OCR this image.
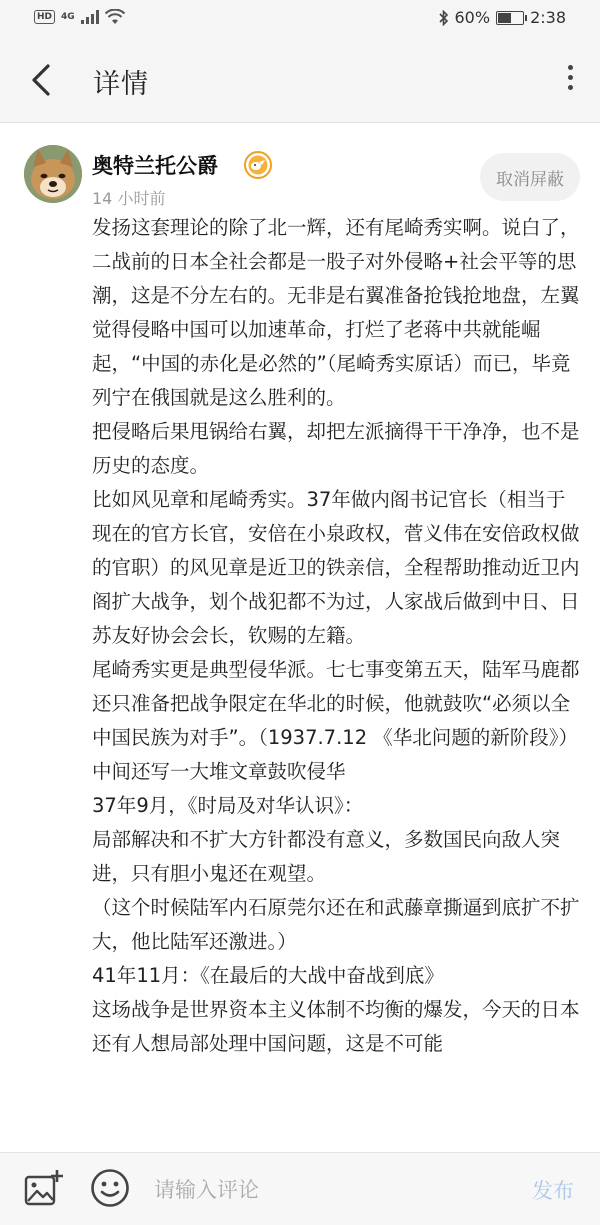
HD	4G	60%	2:38
详情
奥特兰托公爵
14 小时前
取消屏蔽

发扬这套理论的除了北一辉，还有尾崎秀实啊。说白了，二战前的日本全社会都是一股子对外侵略+社会平等的思潮，这是不分左右的。无非是右翼准备抢钱抢地盘，左翼觉得侵略中国可以加速革命，打烂了老蒋中共就能崛起，“中国的赤化是必然的”（尾崎秀实原话）而已，毕竟列宁在俄国就是这么胜利的。

把侵略后果甩锅给右翼，却把左派摘得干干净净，也不是历史的态度。

比如风见章和尾崎秀实。37年做内阁书记官长（相当于现在的官方长官，安倍在小泉政权，菅义伟在安倍政权做的官职）的风见章是近卫的铁亲信，全程帮助推动近卫内阁扩大战争，划个战犯都不为过，人家战后做到中日、日苏友好协会会长，钦赐的左籍。

尾崎秀实更是典型侵华派。七七事变第五天，陆军马鹿都还只准备把战争限定在华北的时候，他就鼓吹“必须以全中国民族为对手”。（1937.7.12 《华北问题的新阶段》）

中间还写一大堆文章鼓吹侵华

37年9月，《时局及对华认识》：

局部解决和不扩大方针都没有意义，多数国民向敌人突进，只有胆小鬼还在观望。

（这个时候陆军内石原莞尔还在和武藤章撕逼到底扩不扩大，他比陆军还激进。）

41年11月：《在最后的大战中奋战到底》

这场战争是世界资本主义体制不均衡的爆发，今天的日本还有人想局部处理中国问题，这是不可能

请输入评论
发布
